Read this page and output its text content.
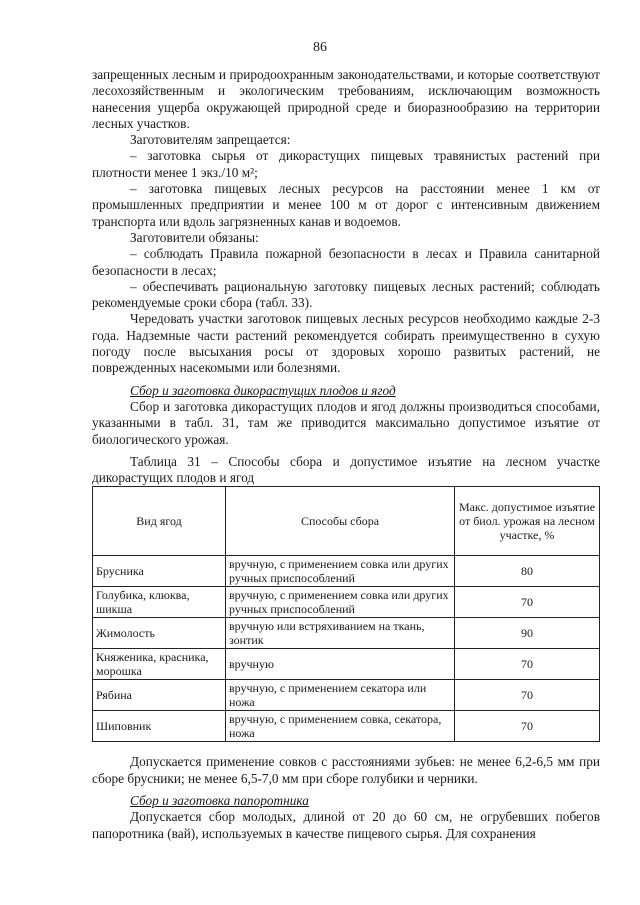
86

запрещенных лесным и природоохранным законодательствами, и которые соответствуют лесохозяйственным и экологическим требованиям, исключающим возможность нанесения ущерба окружающей природной среде и биоразнообразию на территории лесных участков.

Заготовителям запрещается:

– заготовка сырья от дикорастущих пищевых травянистых растений при плотности менее 1 экз./10 м²;

– заготовка пищевых лесных ресурсов на расстоянии менее 1 км от промышленных предприятии и менее 100 м от дорог с интенсивным движением транспорта или вдоль загрязненных канав и водоемов.

Заготовители обязаны:

– соблюдать Правила пожарной безопасности в лесах и Правила санитарной безопасности в лесах;

– обеспечивать рациональную заготовку пищевых лесных растений; соблюдать рекомендуемые сроки сбора (табл. 33).

Чередовать участки заготовок пищевых лесных ресурсов необходимо каждые 2-3 года. Надземные части растений рекомендуется собирать преимущественно в сухую погоду после высыхания росы от здоровых хорошо развитых растений, не поврежденных насекомыми или болезнями.

Сбор и заготовка дикорастущих плодов и ягод

Сбор и заготовка дикорастущих плодов и ягод должны производиться способами, указанными в табл. 31, там же приводится максимально допустимое изъятие от биологического урожая.

Таблица 31 – Способы сбора и допустимое изъятие на лесном участке дикорастущих плодов и ягод

Вид ягод	Способы сбора	Макс. допустимое изъятие от биол. урожая на лесном участке, %
Брусника	вручную, с применением совка или других ручных приспособлений	80
Голубика, клюква, шикша	вручную, с применением совка или других ручных приспособлений	70
Жимолость	вручную или встряхиванием на ткань, зонтик	90
Княженика, красника, морошка	вручную	70
Рябина	вручную, с применением секатора или ножа	70
Шиповник	вручную, с применением совка, секатора, ножа	70

Допускается применение совков с расстояниями зубьев: не менее 6,2-6,5 мм при сборе брусники; не менее 6,5-7,0 мм при сборе голубики и черники.

Сбор и заготовка папоротника

Допускается сбор молодых, длиной от 20 до 60 см, не огрубевших побегов папоротника (вай), используемых в качестве пищевого сырья. Для сохранения
